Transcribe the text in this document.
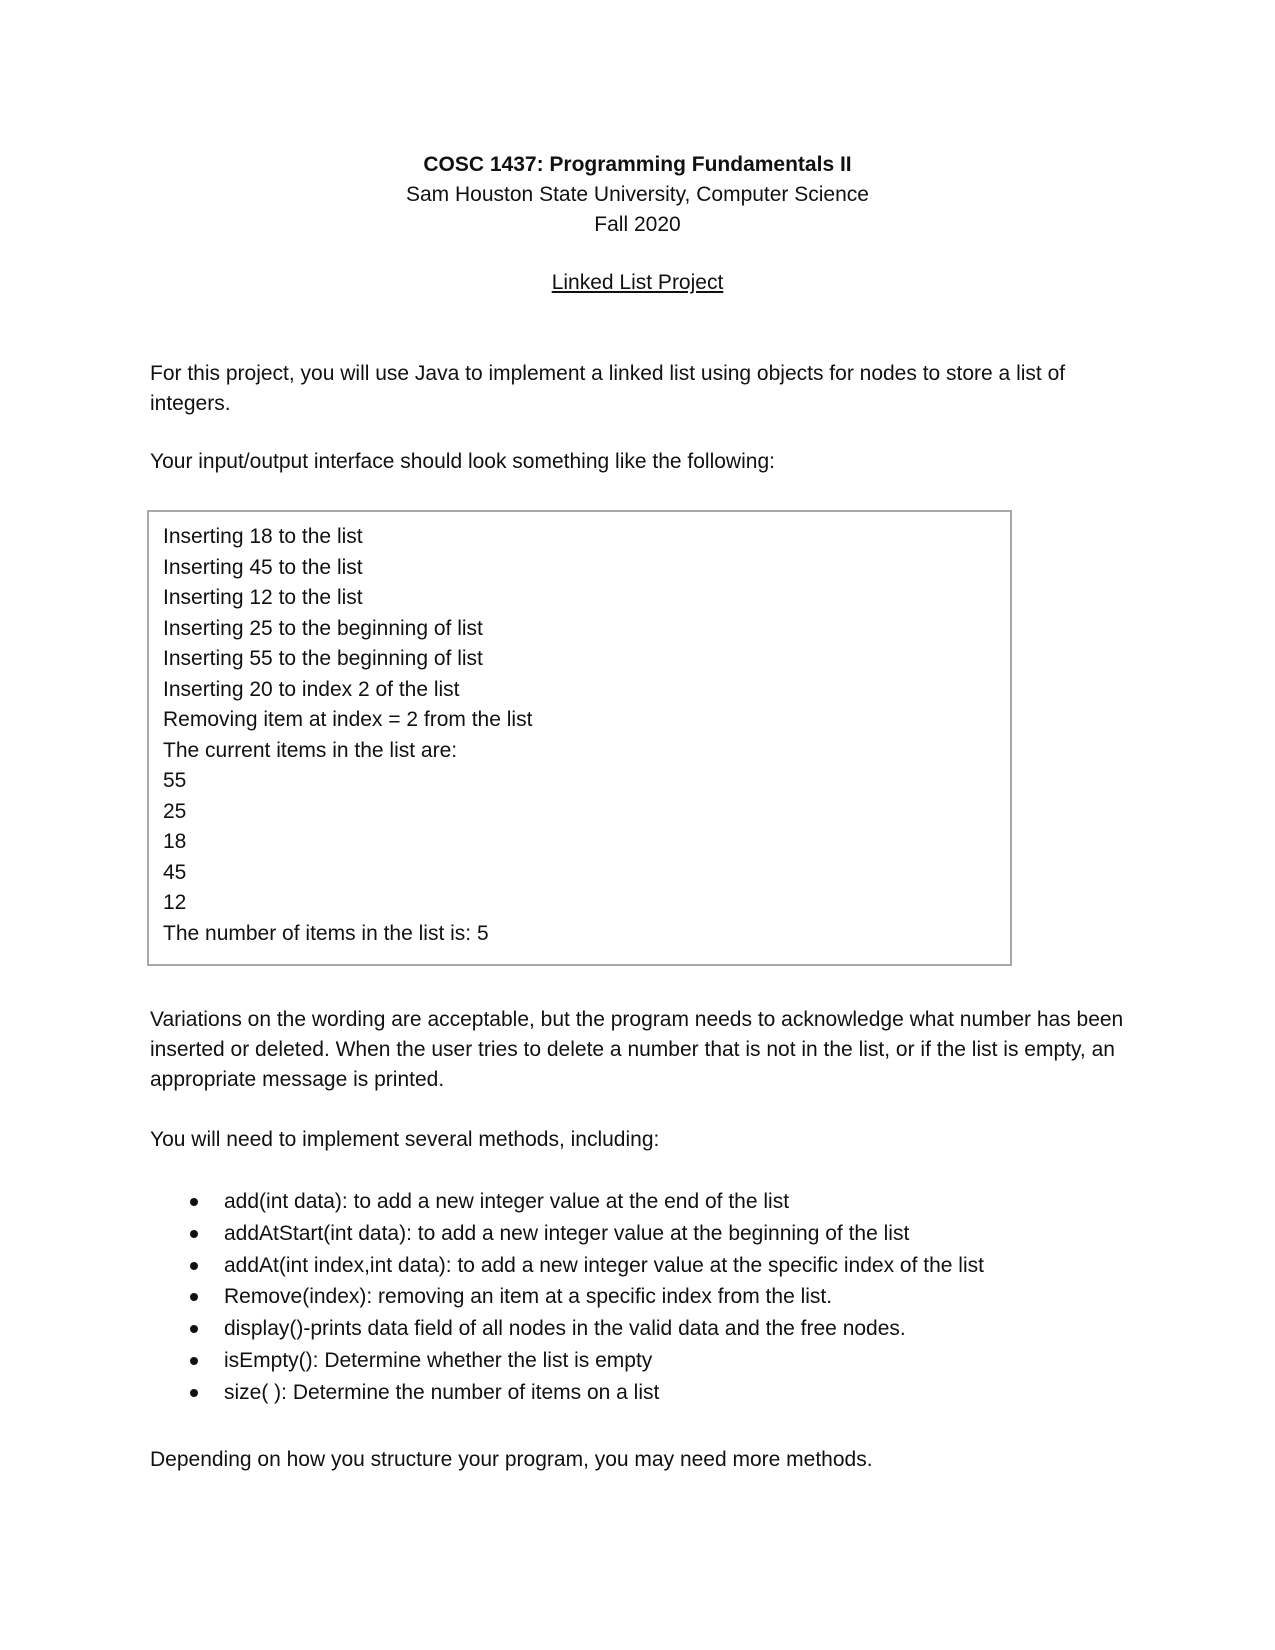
COSC 1437: Programming Fundamentals II
Sam Houston State University, Computer Science
Fall 2020
Linked List Project
For this project, you will use Java to implement a linked list using objects for nodes to store a list of integers.
Your input/output interface should look something like the following:
Inserting 18 to the list
Inserting 45 to the list
Inserting 12 to the list
Inserting 25 to the beginning of list
Inserting 55 to the beginning of list
Inserting 20 to index 2 of the list
Removing item at index = 2 from the list
The current items in the list are:
55
25
18
45
12
The number of items in the list is: 5
Variations on the wording are acceptable, but the program needs to acknowledge what number has been inserted or deleted. When the user tries to delete a number that is not in the list, or if the list is empty, an appropriate message is printed.
You will need to implement several methods, including:
add(int data): to add a new integer value at the end of the list
addAtStart(int data): to add a new integer value at the beginning of the list
addAt(int index,int data): to add a new integer value at the specific index of the list
Remove(index): removing an item at a specific index from the list.
display()-prints data field of all nodes in the valid data and the free nodes.
isEmpty(): Determine whether the list is empty
size( ): Determine the number of items on a list
Depending on how you structure your program, you may need more methods.
